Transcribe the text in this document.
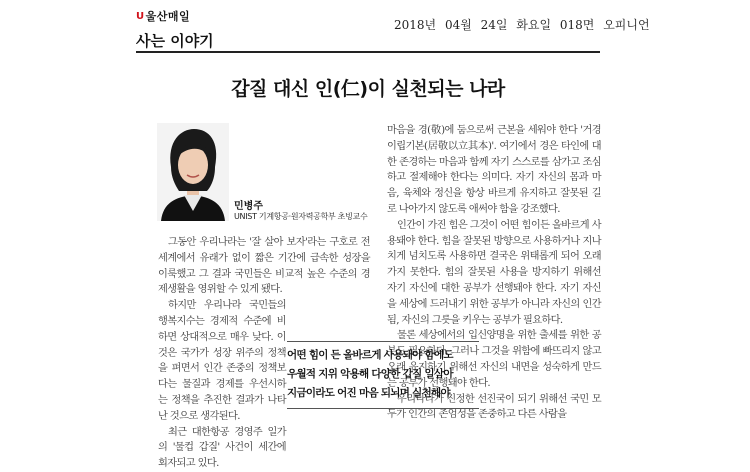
U울산매일
사는 이야기
2018년 04월 24일 화요일 018면 오피니언
갑질 대신 인(仁)이 실천되는 나라
민병주
UNIST 기계항공·원자력공학부 초빙교수

그동안 우리나라는 '잘 살아 보자'라는 구호로 전 세계에서 유래가 없이 짧은 기간에 급속한 성장을 이룩했고 그 결과 국민들은 비교적 높은 수준의 경제생활을 영위할 수 있게 됐다.

하지만 우리나라 국민들의 행복지수는 경제적 수준에 비하면 상대적으로 매우 낮다. 이것은 국가가 성장 위주의 정책을 펴면서 인간 존중의 정책보다는 물질과 경제를 우선시하는 정책을 추진한 결과가 나타난 것으로 생각된다.

최근 대한항공 경영주 일가의 '물컵 갑질' 사건이 세간에 회자되고 있다.

마음을 경(敬)에 둠으로써 근본을 세워야 한다 '거경이립기본(居敬以立其本)'. 여기에서 경은 타인에 대한 존경하는 마음과 함께 자기 스스로를 삼가고 조심하고 절제해야 한다는 의미다. 자기 자신의 몸과 마음, 육체와 정신을 항상 바르게 유지하고 잘못된 길로 나아가지 않도록 애써야 함을 강조했다.

인간이 가진 힘은 그것이 어떤 힘이든 올바르게 사용돼야 한다. 힘을 잘못된 방향으로 사용하거나 지나치게 넘치도록 사용하면 결국은 위태롭게 되어 오래가지 못한다. 힘의 잘못된 사용을 방지하기 위해선 자기 자신에 대한 공부가 선행돼야 한다. 자기 자신을 세상에 드러내기 위한 공부가 아니라 자신의 인간됨, 자신의 그릇을 키우는 공부가 필요하다.

물론 세상에서의 입신양명을 위한 출세를 위한 공부도 필요하다. 그러나 그것을 위함에 빠뜨리지 않고 오래 유지하기 위해선 자신의 내면을 성숙하게 만드는 공부가 선행돼야 한다.

우리나라가 진정한 선진국이 되기 위해선 국민 모두가 인간의 존엄성을 존중하고 다른 사람을

어떤 힘이 든 올바르게 사용돼야 함에도
우월적 지위 악용해 다양한 갑질 일삼아
지금이라도 어진 마음 되뇌며 실천해야
